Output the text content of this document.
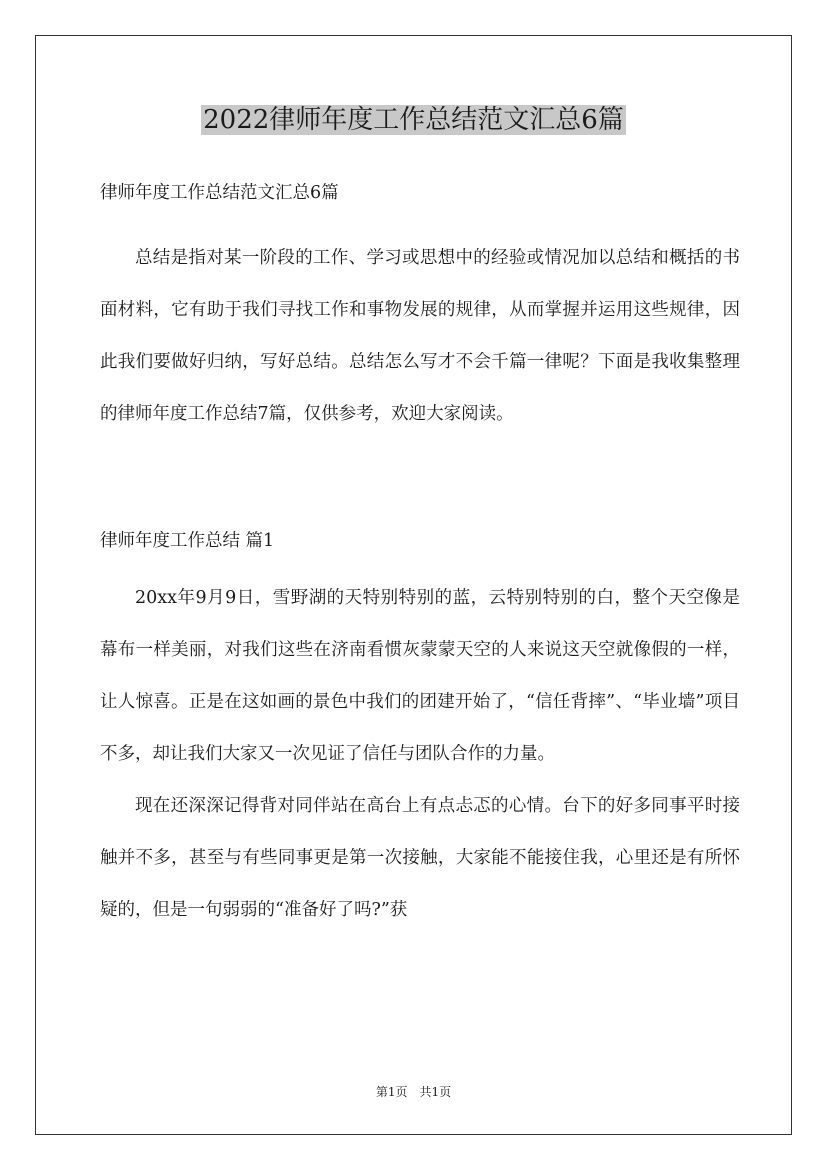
2022律师年度工作总结范文汇总6篇

律师年度工作总结范文汇总6篇

总结是指对某一阶段的工作、学习或思想中的经验或情况加以总结和概括的书面材料，它有助于我们寻找工作和事物发展的规律，从而掌握并运用这些规律，因此我们要做好归纳，写好总结。总结怎么写才不会千篇一律呢？下面是我收集整理的律师年度工作总结7篇，仅供参考，欢迎大家阅读。

律师年度工作总结 篇1

20xx年9月9日，雪野湖的天特别特别的蓝，云特别特别的白，整个天空像是幕布一样美丽，对我们这些在济南看惯灰蒙蒙天空的人来说这天空就像假的一样，让人惊喜。正是在这如画的景色中我们的团建开始了，“信任背摔”、“毕业墙”项目不多，却让我们大家又一次见证了信任与团队合作的力量。

现在还深深记得背对同伴站在高台上有点忐忑的心情。台下的好多同事平时接触并不多，甚至与有些同事更是第一次接触，大家能不能接住我，心里还是有所怀疑的，但是一句弱弱的“准备好了吗?”获

第1页　共1页
